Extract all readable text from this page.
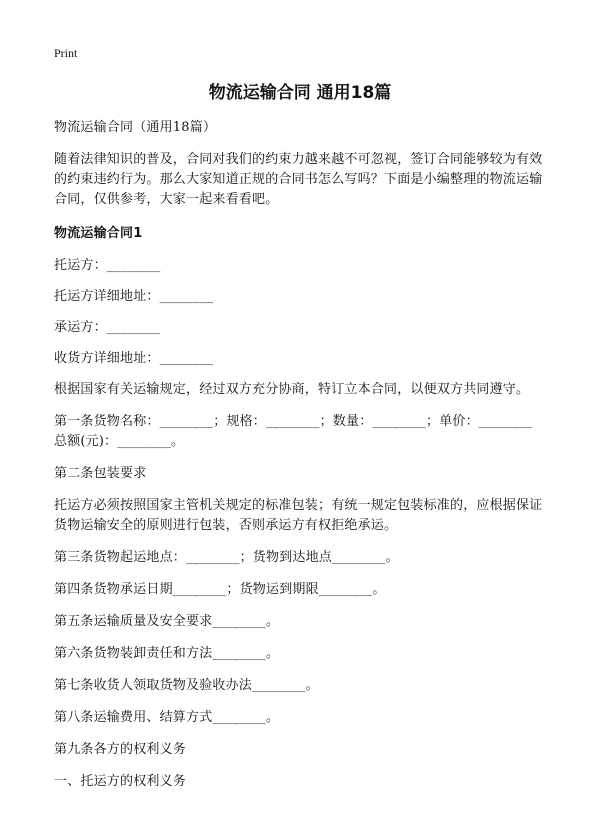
Print
物流运输合同 通用18篇

物流运输合同（通用18篇）

随着法律知识的普及，合同对我们的约束力越来越不可忽视，签订合同能够较为有效的约束违约行为。那么大家知道正规的合同书怎么写吗？下面是小编整理的物流运输合同，仅供参考，大家一起来看看吧。

物流运输合同1

托运方：________

托运方详细地址：________

承运方：________

收货方详细地址：________

根据国家有关运输规定，经过双方充分协商，特订立本合同，以便双方共同遵守。

第一条货物名称：________；规格：________；数量：________；单价：________总额(元)：________。

第二条包装要求

托运方必须按照国家主管机关规定的标准包装；有统一规定包装标准的，应根据保证货物运输安全的原则进行包装，否则承运方有权拒绝承运。

第三条货物起运地点：________；货物到达地点________。

第四条货物承运日期________；货物运到期限________。

第五条运输质量及安全要求________。

第六条货物装卸责任和方法________。

第七条收货人领取货物及验收办法________。

第八条运输费用、结算方式________。

第九条各方的权利义务

一、托运方的权利义务
